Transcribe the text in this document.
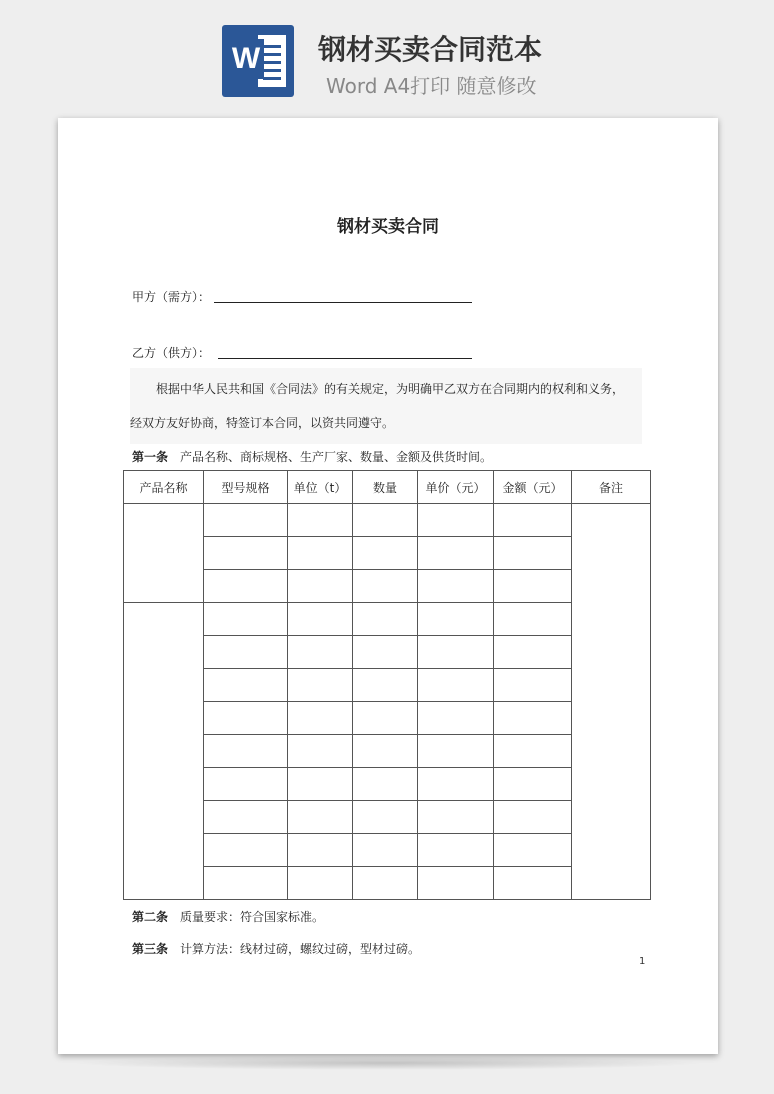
W 钢材买卖合同范本
Word A4打印 随意修改
钢材买卖合同
甲方（需方）：
乙方（供方）：
根据中华人民共和国《合同法》的有关规定，为明确甲乙双方在合同期内的权利和义务，
经双方友好协商，特签订本合同，以资共同遵守。
第一条 产品名称、商标规格、生产厂家、数量、金额及供货时间。
产品名称	型号规格	单位（t）	数量	单价（元）	金额（元）	备注

第二条 质量要求：符合国家标准。
第三条 计算方法：线材过磅，螺纹过磅，型材过磅。
1
